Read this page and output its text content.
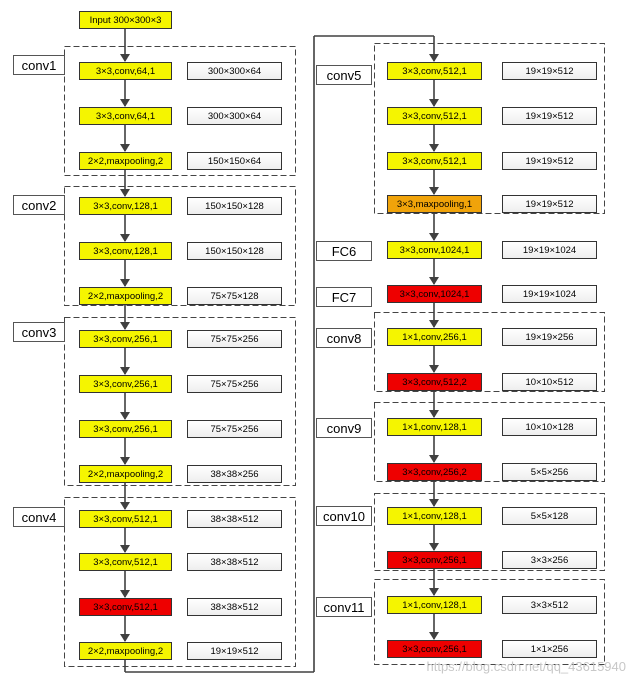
Input 300×300×3
conv1	3×3,conv,64,1	300×300×64
3×3,conv,64,1	300×300×64
2×2,maxpooling,2	150×150×64
conv2	3×3,conv,128,1	150×150×128
3×3,conv,128,1	150×150×128
2×2,maxpooling,2	75×75×128
conv3	3×3,conv,256,1	75×75×256
3×3,conv,256,1	75×75×256
3×3,conv,256,1	75×75×256
2×2,maxpooling,2	38×38×256
conv4	3×3,conv,512,1	38×38×512
3×3,conv,512,1	38×38×512
3×3,conv,512,1	38×38×512
2×2,maxpooling,2	19×19×512
conv5	3×3,conv,512,1	19×19×512
3×3,conv,512,1	19×19×512
3×3,conv,512,1	19×19×512
3×3,maxpooling,1	19×19×512
FC6	3×3,conv,1024,1	19×19×1024
FC7	3×3,conv,1024,1	19×19×1024
conv8	1×1,conv,256,1	19×19×256
3×3,conv,512,2	10×10×512
conv9	1×1,conv,128,1	10×10×128
3×3,conv,256,2	5×5×256
conv10	1×1,conv,128,1	5×5×128
3×3,conv,256,1	3×3×256
conv11	1×1,conv,128,1	3×3×512
3×3,conv,256,1	1×1×256
https://blog.csdn.net/qq_43615940
